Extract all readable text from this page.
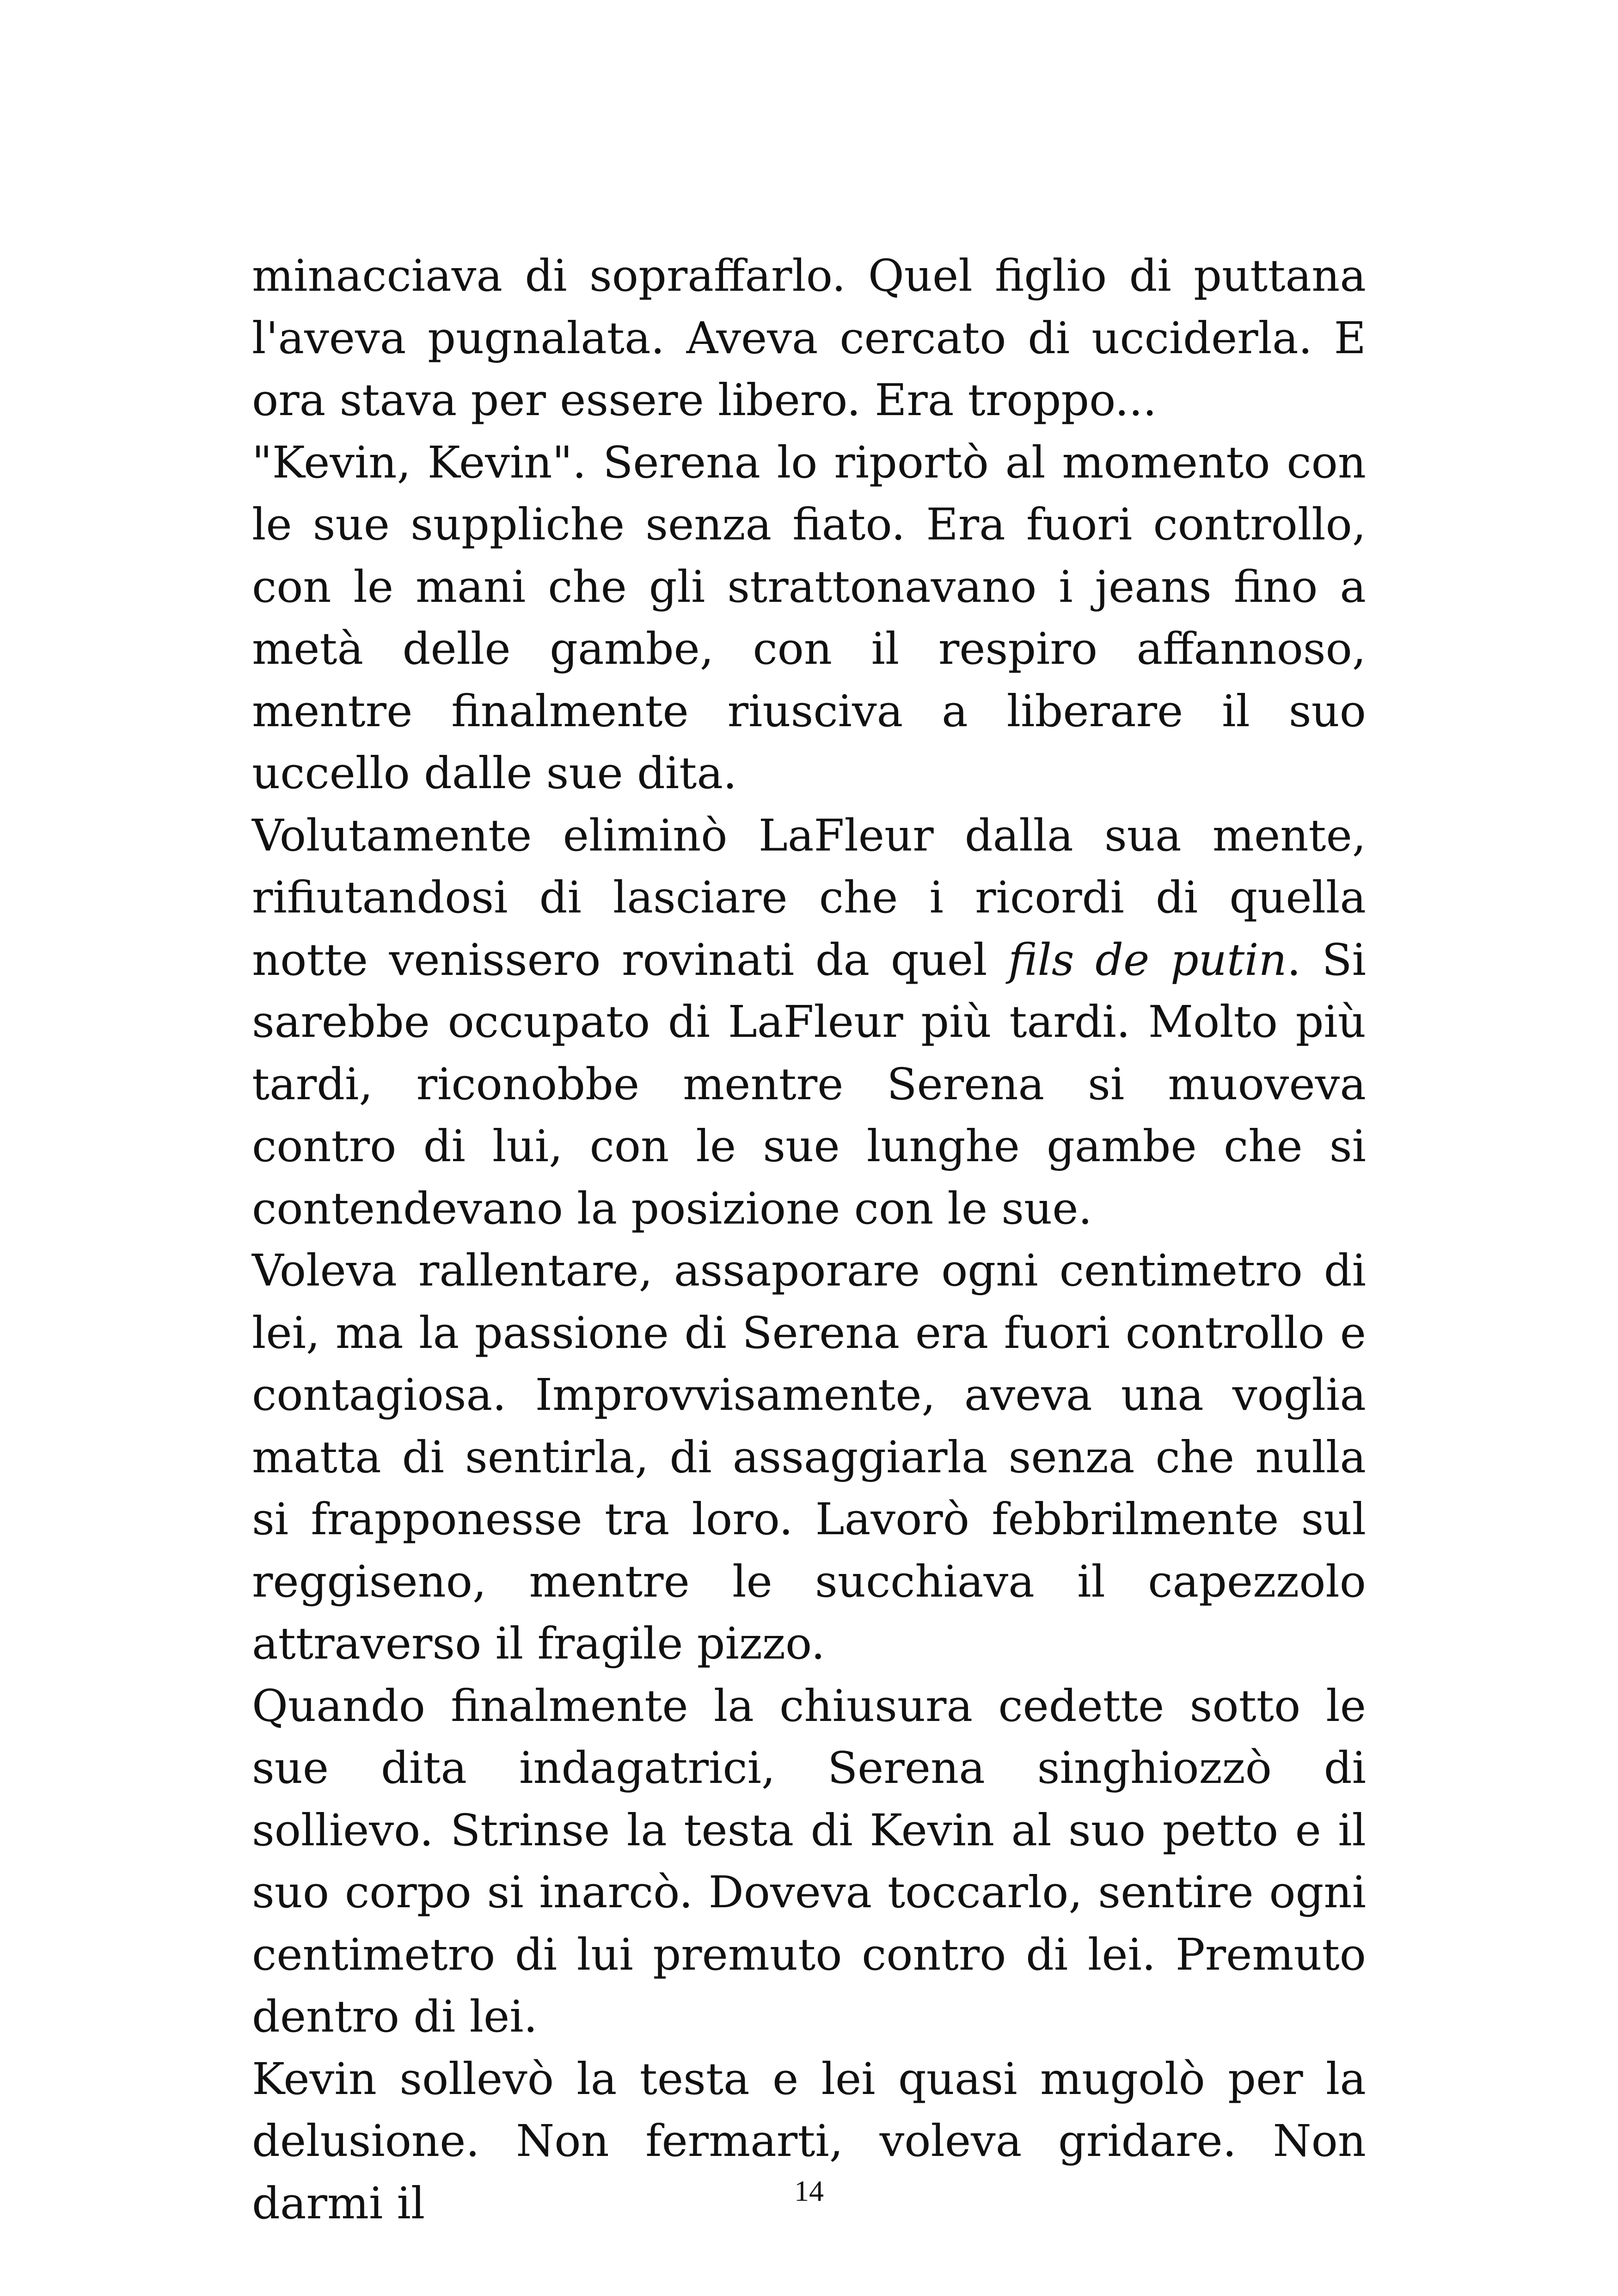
minacciava di sopraffarlo. Quel figlio di puttana l'aveva pugnalata. Aveva cercato di ucciderla. E ora stava per essere libero. Era troppo...

"Kevin, Kevin". Serena lo riportò al momento con le sue suppliche senza fiato. Era fuori controllo, con le mani che gli strattonavano i jeans fino a metà delle gambe, con il respiro affannoso, mentre finalmente riusciva a liberare il suo uccello dalle sue dita.

Volutamente eliminò LaFleur dalla sua mente, rifiutandosi di lasciare che i ricordi di quella notte venissero rovinati da quel fils de putin. Si sarebbe occupato di LaFleur più tardi. Molto più tardi, riconobbe mentre Serena si muoveva contro di lui, con le sue lunghe gambe che si contendevano la posizione con le sue.

Voleva rallentare, assaporare ogni centimetro di lei, ma la passione di Serena era fuori controllo e contagiosa. Improvvisamente, aveva una voglia matta di sentirla, di assaggiarla senza che nulla si frapponesse tra loro. Lavorò febbrilmente sul reggiseno, mentre le succhiava il capezzolo attraverso il fragile pizzo.

Quando finalmente la chiusura cedette sotto le sue dita indagatrici, Serena singhiozzò di sollievo. Strinse la testa di Kevin al suo petto e il suo corpo si inarcò. Doveva toccarlo, sentire ogni centimetro di lui premuto contro di lei. Premuto dentro di lei.

Kevin sollevò la testa e lei quasi mugolò per la delusione. Non fermarti, voleva gridare. Non darmi il	14
